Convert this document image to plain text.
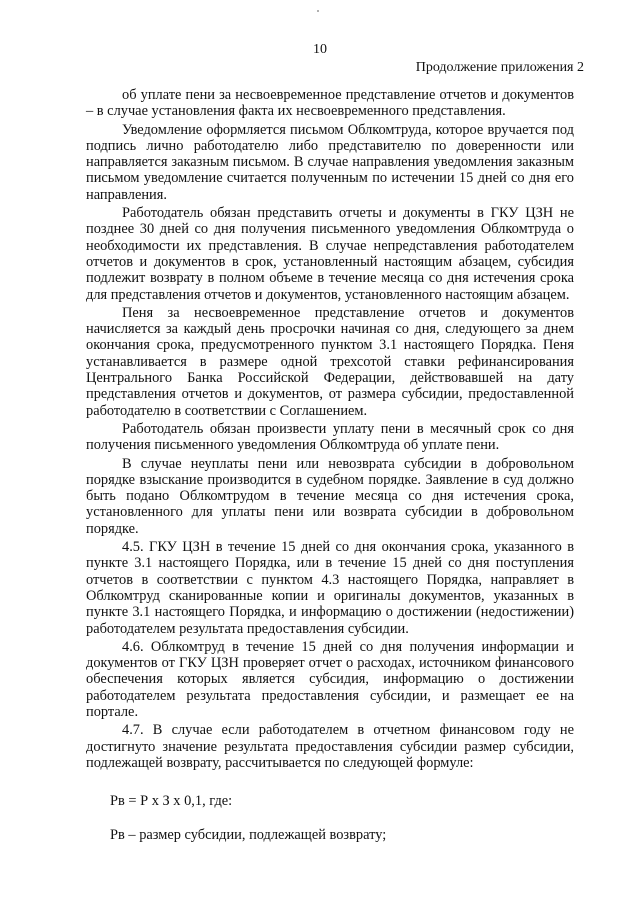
10
Продолжение приложения 2

об уплате пени за несвоевременное представление отчетов и документов – в случае установления факта их несвоевременного представления.

Уведомление оформляется письмом Облкомтруда, которое вручается под подпись лично работодателю либо представителю по доверенности или направляется заказным письмом. В случае направления уведомления заказным письмом уведомление считается полученным по истечении 15 дней со дня его направления.

Работодатель обязан представить отчеты и документы в ГКУ ЦЗН не позднее 30 дней со дня получения письменного уведомления Облкомтруда о необходимости их представления. В случае непредставления работодателем отчетов и документов в срок, установленный настоящим абзацем, субсидия подлежит возврату в полном объеме в течение месяца со дня истечения срока для представления отчетов и документов, установленного настоящим абзацем.

Пеня за несвоевременное представление отчетов и документов начисляется за каждый день просрочки начиная со дня, следующего за днем окончания срока, предусмотренного пунктом 3.1 настоящего Порядка. Пеня устанавливается в размере одной трехсотой ставки рефинансирования Центрального Банка Российской Федерации, действовавшей на дату представления отчетов и документов, от размера субсидии, предоставленной работодателю в соответствии с Соглашением.

Работодатель обязан произвести уплату пени в месячный срок со дня получения письменного уведомления Облкомтруда об уплате пени.

В случае неуплаты пени или невозврата субсидии в добровольном порядке взыскание производится в судебном порядке. Заявление в суд должно быть подано Облкомтрудом в течение месяца со дня истечения срока, установленного для уплаты пени или возврата субсидии в добровольном порядке.

4.5. ГКУ ЦЗН в течение 15 дней со дня окончания срока, указанного в пункте 3.1 настоящего Порядка, или в течение 15 дней со дня поступления отчетов в соответствии с пунктом 4.3 настоящего Порядка, направляет в Облкомтруд сканированные копии и оригиналы документов, указанных в пункте 3.1 настоящего Порядка, и информацию о достижении (недостижении) работодателем результата предоставления субсидии.

4.6. Облкомтруд в течение 15 дней со дня получения информации и документов от ГКУ ЦЗН проверяет отчет о расходах, источником финансового обеспечения которых является субсидия, информацию о достижении работодателем результата предоставления субсидии, и размещает ее на портале.

4.7. В случае если работодателем в отчетном финансовом году не достигнуто значение результата предоставления субсидии размер субсидии, подлежащей возврату, рассчитывается по следующей формуле:

Рв = Р х З х 0,1, где:

Рв – размер субсидии, подлежащей возврату;
